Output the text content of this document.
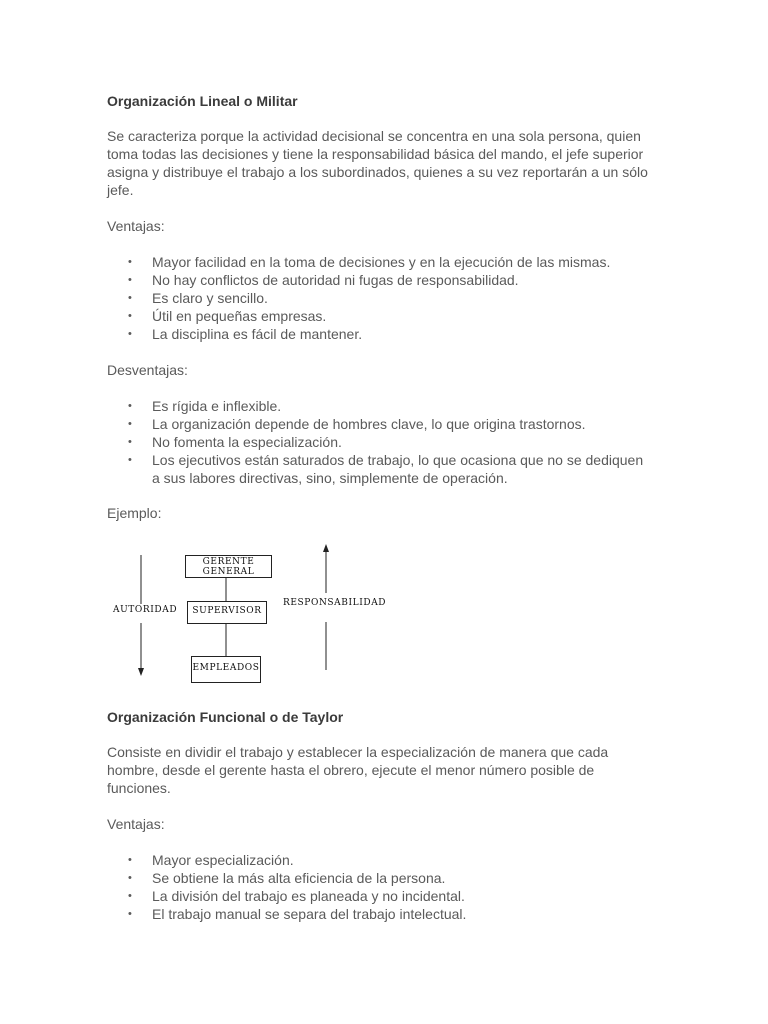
Organización Lineal o Militar

Se caracteriza porque la actividad decisional se concentra en una sola persona, quien toma todas las decisiones y tiene la responsabilidad básica del mando, el jefe superior asigna y distribuye el trabajo a los subordinados, quienes a su vez reportarán a un sólo jefe.

Ventajas:
• Mayor facilidad en la toma de decisiones y en la ejecución de las mismas.
• No hay conflictos de autoridad ni fugas de responsabilidad.
• Es claro y sencillo.
• Útil en pequeñas empresas.
• La disciplina es fácil de mantener.
Desventajas:
• Es rígida e inflexible.
• La organización depende de hombres clave, lo que origina trastornos.
• No fomenta la especialización.
• Los ejecutivos están saturados de trabajo, lo que ocasiona que no se dediquen a sus labores directivas, sino, simplemente de operación.
Ejemplo:
GERENTE GENERAL
SUPERVISOR
EMPLEADOS
AUTORIDAD
RESPONSABILIDAD
Organización Funcional o de Taylor

Consiste en dividir el trabajo y establecer la especialización de manera que cada hombre, desde el gerente hasta el obrero, ejecute el menor número posible de funciones.

Ventajas:
• Mayor especialización.
• Se obtiene la más alta eficiencia de la persona.
• La división del trabajo es planeada y no incidental.
• El trabajo manual se separa del trabajo intelectual.
